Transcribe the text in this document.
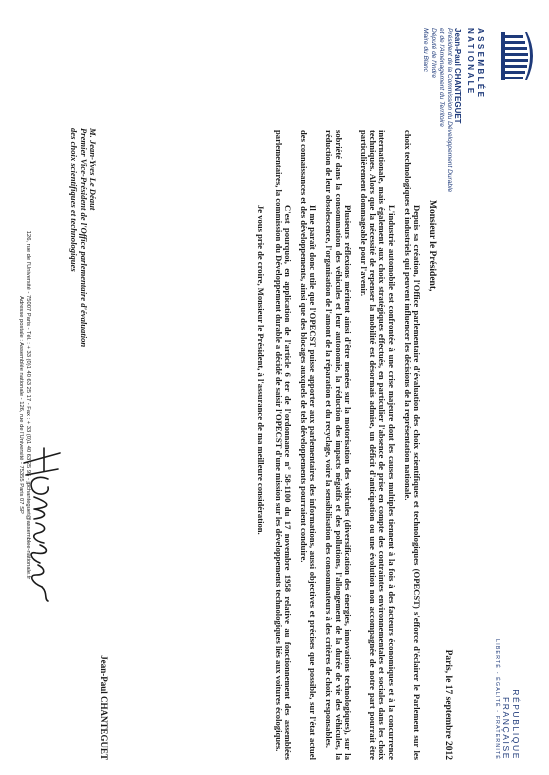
ASSEMBLÉE
NATIONALE
Jean-Paul CHANTEGUET
Président de la Commission du Développement Durable
et de l'Aménagement du Territoire
Député de l'Indre
Maire du Blanc
RÉPUBLIQUE FRANÇAISE
LIBERTÉ - ÉGALITÉ - FRATERNITÉ
Paris, le 17 septembre 2012
Monsieur le Président,

Depuis sa création, l'Office parlementaire d'évaluation des choix scientifiques et technologiques (OPECST) s'efforce d'éclairer le Parlement sur les choix technologiques et industriels qui peuvent influencer les décisions de la représentation nationale.

L'industrie automobile est confrontée à une crise majeure dont les causes multiples tiennent à la fois à des facteurs économiques et à la concurrence internationale, mais également aux choix stratégiques effectués, en particulier l'absence de prise en compte des contraintes environnementales et sociales dans les choix techniques. Alors que la nécessité de repenser la mobilité est désormais admise, un déficit d'anticipation ou une évolution non accompagnée de notre part pourrait être particulièrement dommageable pour l'avenir.

Plusieurs réflexions méritent ainsi d'être menées sur la motorisation des véhicules (diversification des énergies, innovations technologiques), sur la sobriété dans la consommation des véhicules et leur autonomie, la réduction des impacts négatifs et des pollutions, l'allongement de la durée de vie des véhicules, la réduction de leur obsolescence, l'organisation de l'amont de la réparation et du recyclage, voire la sensibilisation des consommateurs à des critères de choix responsables.

Il me paraît donc utile que l'OPECST puisse apporter aux parlementaires des informations, aussi objectives et précises que possible, sur l'état actuel des connaissances et des développements, ainsi que des blocages auxquels de tels développements pourraient conduire.

C'est pourquoi, en application de l'article 6 ter de l'ordonnance n° 58-1100 du 17 novembre 1958 relative au fonctionnement des assemblées parlementaires, la commission du Développement durable a décidé de saisir l'OPECST d'une mission sur les développements technologiques liés aux voitures écologiques.

Je vous prie de croire, Monsieur le Président, à l'assurance de ma meilleure considération.

Jean-Paul CHANTEGUET
M. Jean-Yves Le Déaut
Premier Vice-Président de l'Office parlementaire d'évaluation
des choix scientifiques et technologiques
126, rue de l'Université - 75007 Paris - Tél. : + 33 (0)1 40 63 25 17 - Fax : + 33 (0)1 40 63 25 95 - jpchanteguet@assemblee-nationale.fr
Adresse postale : Assemblée nationale - 126, rue de l'Université - 75355 Paris 07 SP
